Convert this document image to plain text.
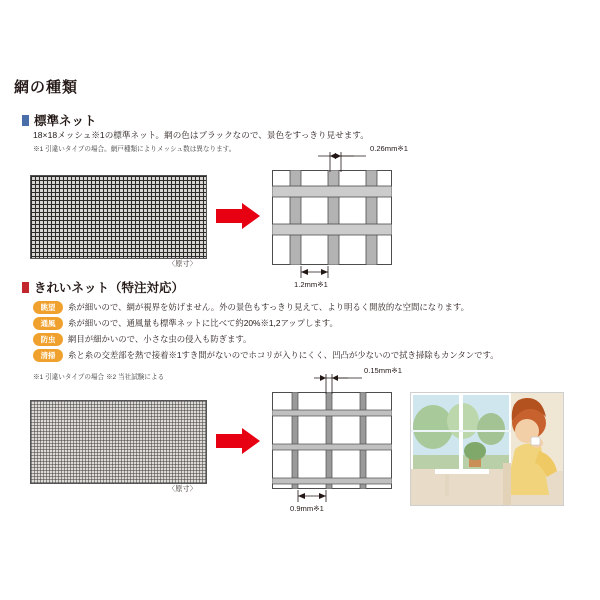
網の種類
標準ネット
18×18メッシュ※1の標準ネット。網の色はブラックなので、景色をすっきり見せます。
※1 引違いタイプの場合。網戸種類によりメッシュ数は異なります。
〈原寸〉
0.26mm※1
1.2mm※1
きれいネット（特注対応）
眺望	糸が細いので、網が視界を妨げません。外の景色もすっきり見えて、より明るく開放的な空間になります。
通風	糸が細いので、通風量も標準ネットに比べて約20%※1,2アップします。
防虫	網目が細かいので、小さな虫の侵入も防ぎます。
清掃	糸と糸の交差部を熱で接着※1すき間がないのでホコリが入りにくく、凹凸が少ないので拭き掃除もカンタンです。
※1 引違いタイプの場合 ※2 当社試験による
〈原寸〉
0.15mm※1
0.9mm※1
